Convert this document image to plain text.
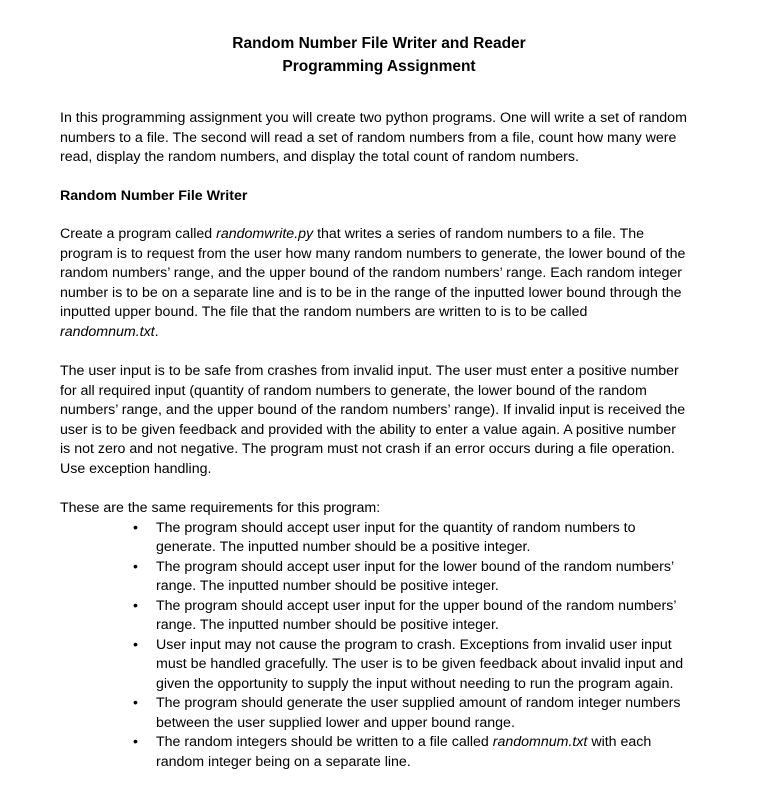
Random Number File Writer and Reader
Programming Assignment

In this programming assignment you will create two python programs. One will write a set of random numbers to a file. The second will read a set of random numbers from a file, count how many were read, display the random numbers, and display the total count of random numbers.

Random Number File Writer

Create a program called randomwrite.py that writes a series of random numbers to a file. The program is to request from the user how many random numbers to generate, the lower bound of the random numbers’ range, and the upper bound of the random numbers’ range. Each random integer number is to be on a separate line and is to be in the range of the inputted lower bound through the inputted upper bound. The file that the random numbers are written to is to be called randomnum.txt.

The user input is to be safe from crashes from invalid input. The user must enter a positive number for all required input (quantity of random numbers to generate, the lower bound of the random numbers’ range, and the upper bound of the random numbers’ range). If invalid input is received the user is to be given feedback and provided with the ability to enter a value again. A positive number is not zero and not negative. The program must not crash if an error occurs during a file operation. Use exception handling.

These are the same requirements for this program:

• The program should accept user input for the quantity of random numbers to generate. The inputted number should be a positive integer.
• The program should accept user input for the lower bound of the random numbers’ range. The inputted number should be positive integer.
• The program should accept user input for the upper bound of the random numbers’ range. The inputted number should be positive integer.
• User input may not cause the program to crash. Exceptions from invalid user input must be handled gracefully. The user is to be given feedback about invalid input and given the opportunity to supply the input without needing to run the program again.
• The program should generate the user supplied amount of random integer numbers between the user supplied lower and upper bound range.
• The random integers should be written to a file called randomnum.txt with each random integer being on a separate line.
